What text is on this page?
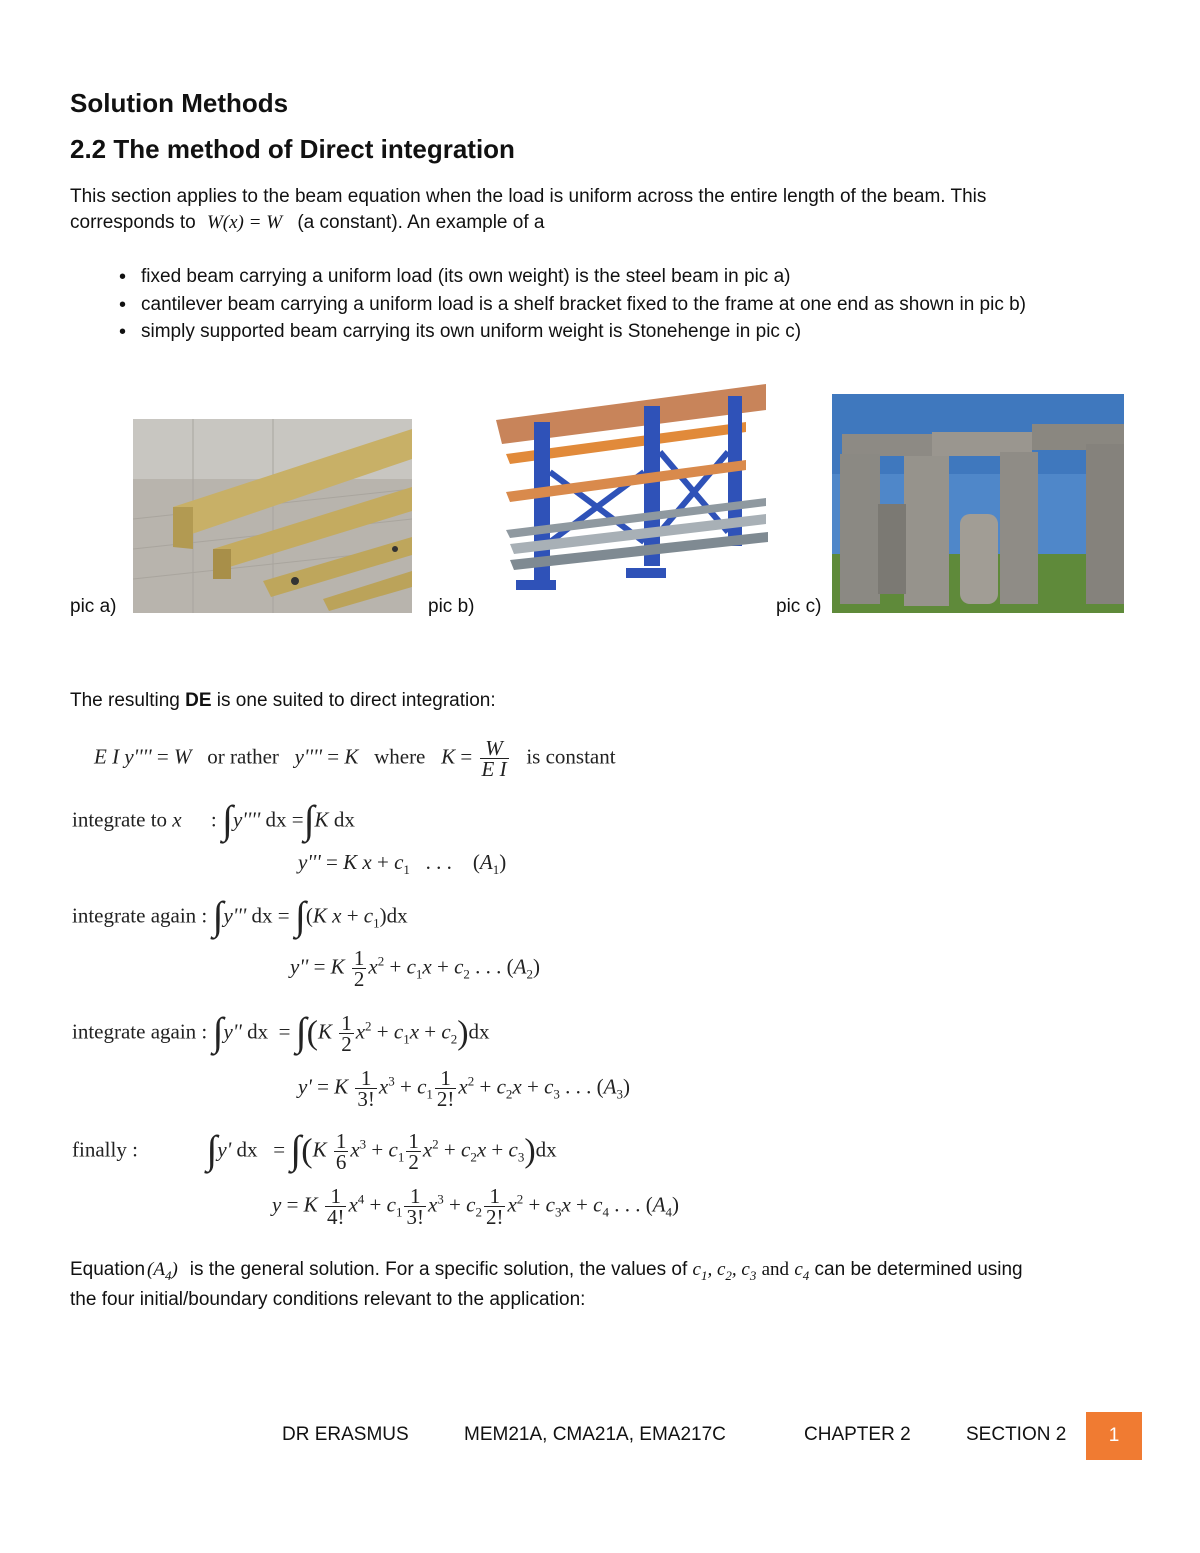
Solution Methods
2.2 The method of Direct integration
This section applies to the beam equation when the load is uniform across the entire length of the beam. This
corresponds to W(x) = W (a constant). An example of a
• fixed beam carrying a uniform load (its own weight) is the steel beam in pic a)
• cantilever beam carrying a uniform load is a shelf bracket fixed to the frame at one end as shown in pic b)
• simply supported beam carrying its own uniform weight is Stonehenge in pic c)
pic a)	pic b)	pic c)
The resulting DE is one suited to direct integration:
E I y'''' = W or rather y'''' = K where $K = \frac{W}{\text{E I}}$ is constant
integrate to x : ∫y'''' dx =∫K dx
y''' = K $x + c_1$   . . .    $(A_1)$
integrate again : ∫y''' dx = ∫(K $x + c_1)dx$
y'' = K $\frac{1}{2} x^2 + c_1x + c_2$ . . . $(A_2)$
integrate again : ∫y'' dx  = $\int(K \frac{1}{2} x^2 + c_1x + c_2)dx$
y' = K $\frac{1}{3!} x^3 + c_1 \frac{1}{2!} x^2 + c_2x + c_3$ . . . $(A_3)$
finally : ∫y' dx   = $\int(K \frac{1}{6} x^3 + c_1 \frac{1}{2} x^2 + c_2x + c_3)dx$
y = K $\frac{1}{4!} x^4 + c_1 \frac{1}{3!} x^3 + c_2 \frac{1}{2!} x^2 + c_3x + c_4$ . . . $(A_4)$
Equation $(A_4)$ is the general solution. For a specific solution, the values of $c_1$, $c_2$, $c_3$ and $c_4$ can be determined using
the four initial/boundary conditions relevant to the application:
DR ERASMUS	MEM21A, CMA21A, EMA217C	CHAPTER 2	SECTION 2	1
